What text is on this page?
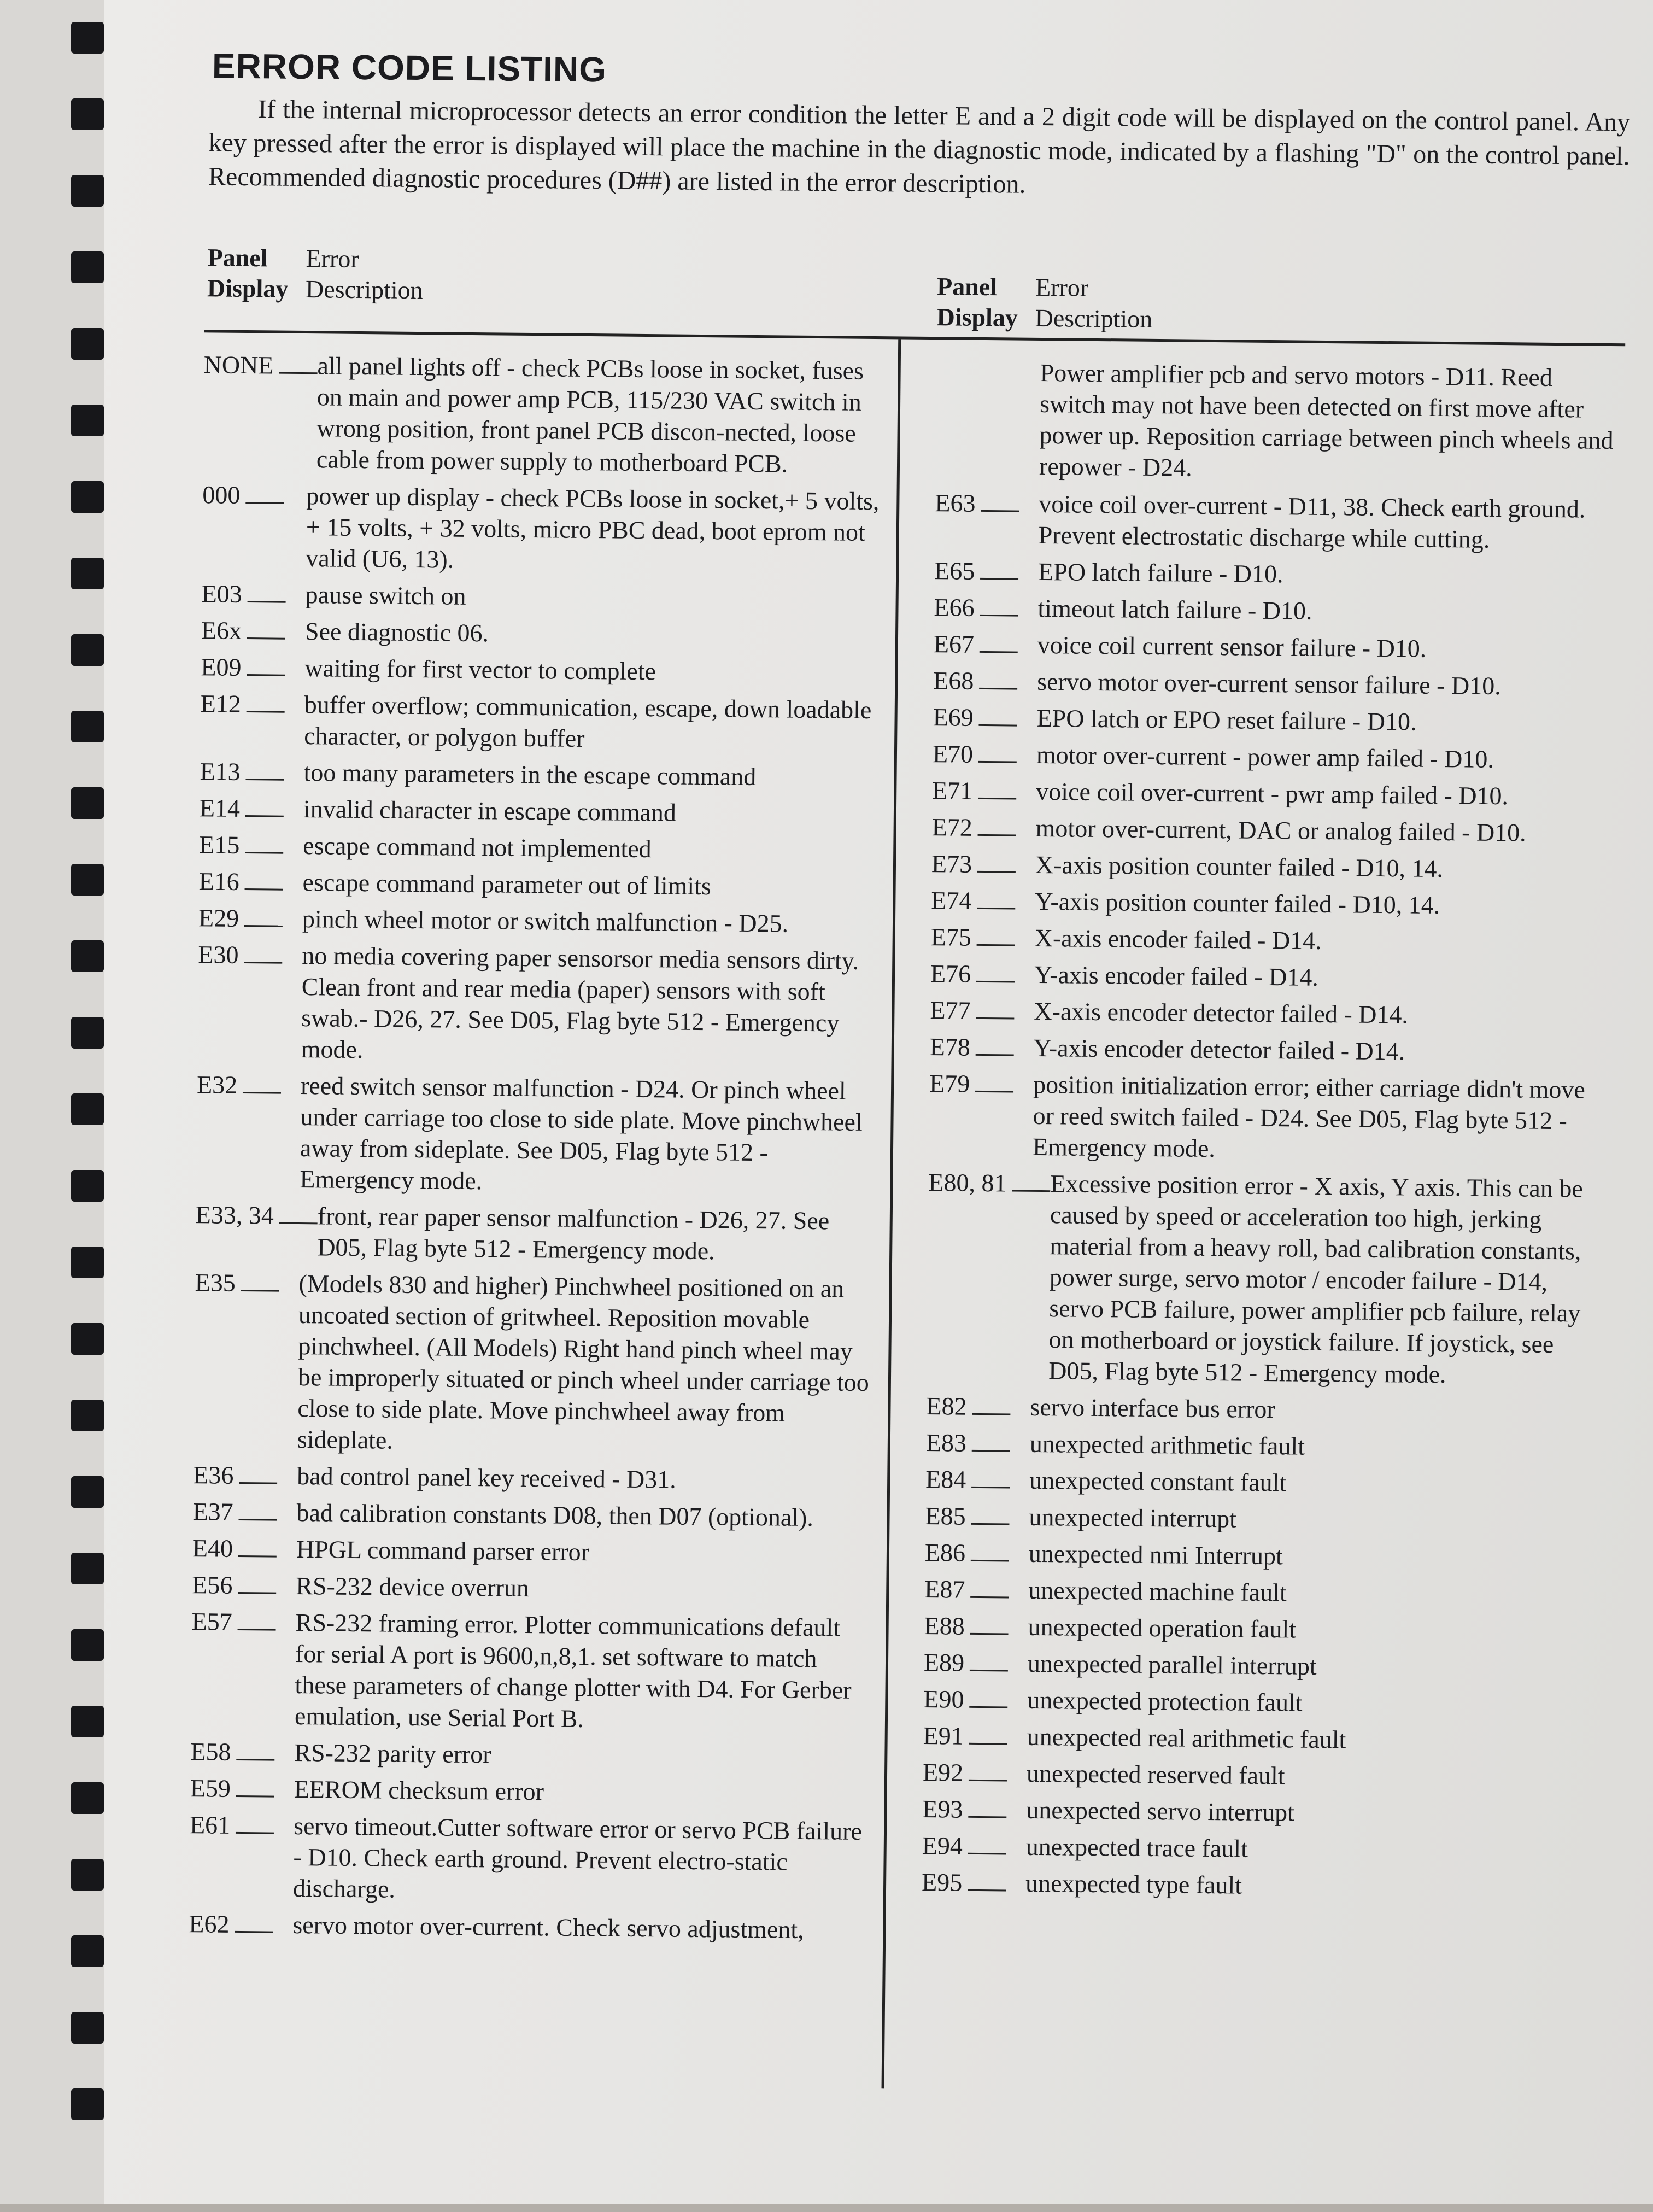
ERROR CODE LISTING

If the internal microprocessor detects an error condition the letter E and a 2 digit code will be displayed on the control panel. Any key pressed after the error is displayed will place the machine in the diagnostic mode, indicated by a flashing "D" on the control panel. Recommended diagnostic procedures (D##) are listed in the error description.

Panel Error
Display Description	Panel Error
Display Description
NONE	all panel lights off - check PCBs loose in socket, fuses on main and power amp PCB, 115/230 VAC switch in wrong position, front panel PCB discon-nected, loose cable from power supply to motherboard PCB.
000	power up display - check PCBs loose in socket,+ 5 volts, + 15 volts, + 32 volts, micro PBC dead, boot eprom not valid (U6, 13).
E03	pause switch on
E6x	See diagnostic 06.
E09	waiting for first vector to complete
E12	buffer overflow; communication, escape, down loadable character, or polygon buffer
E13	too many parameters in the escape command
E14	invalid character in escape command
E15	escape command not implemented
E16	escape command parameter out of limits
E29	pinch wheel motor or switch malfunction - D25.
E30	no media covering paper sensorsor media sensors dirty. Clean front and rear media (paper) sensors with soft swab.- D26, 27. See D05, Flag byte 512 - Emergency mode.
E32	reed switch sensor malfunction - D24. Or pinch wheel under carriage too close to side plate. Move pinchwheel away from sideplate. See D05, Flag byte 512 - Emergency mode.
E33, 34	front, rear paper sensor malfunction - D26, 27. See D05, Flag byte 512 - Emergency mode.
E35	(Models 830 and higher) Pinchwheel positioned on an uncoated section of gritwheel. Reposition movable pinchwheel. (All Models) Right hand pinch wheel may be improperly situated or pinch wheel under carriage too close to side plate. Move pinchwheel away from sideplate.
E36	bad control panel key received - D31.
E37	bad calibration constants D08, then D07 (optional).
E40	HPGL command parser error
E56	RS-232 device overrun
E57	RS-232 framing error. Plotter communications default for serial A port is 9600,n,8,1. set software to match these parameters of change plotter with D4. For Gerber emulation, use Serial Port B.
E58	RS-232 parity error
E59	EEROM checksum error
E61	servo timeout.Cutter software error or servo PCB failure - D10. Check earth ground. Prevent electro-static discharge.
E62	servo motor over-current. Check servo adjustment,
Power amplifier pcb and servo motors - D11. Reed switch may not have been detected on first move after power up. Reposition carriage between pinch wheels and repower - D24.
E63	voice coil over-current - D11, 38. Check earth ground. Prevent electrostatic discharge while cutting.
E65	EPO latch failure - D10.
E66	timeout latch failure - D10.
E67	voice coil current sensor failure - D10.
E68	servo motor over-current sensor failure - D10.
E69	EPO latch or EPO reset failure - D10.
E70	motor over-current - power amp failed - D10.
E71	voice coil over-current - pwr amp failed - D10.
E72	motor over-current, DAC or analog failed - D10.
E73	X-axis position counter failed - D10, 14.
E74	Y-axis position counter failed - D10, 14.
E75	X-axis encoder failed - D14.
E76	Y-axis encoder failed - D14.
E77	X-axis encoder detector failed - D14.
E78	Y-axis encoder detector failed - D14.
E79	position initialization error; either carriage didn't move or reed switch failed - D24. See D05, Flag byte 512 - Emergency mode.
E80, 81	Excessive position error - X axis, Y axis. This can be caused by speed or acceleration too high, jerking material from a heavy roll, bad calibration constants, power surge, servo motor / encoder failure - D14, servo PCB failure, power amplifier pcb failure, relay on motherboard or joystick failure. If joystick, see D05, Flag byte 512 - Emergency mode.
E82	servo interface bus error
E83	unexpected arithmetic fault
E84	unexpected constant fault
E85	unexpected interrupt
E86	unexpected nmi Interrupt
E87	unexpected machine fault
E88	unexpected operation fault
E89	unexpected parallel interrupt
E90	unexpected protection fault
E91	unexpected real arithmetic fault
E92	unexpected reserved fault
E93	unexpected servo interrupt
E94	unexpected trace fault
E95	unexpected type fault
